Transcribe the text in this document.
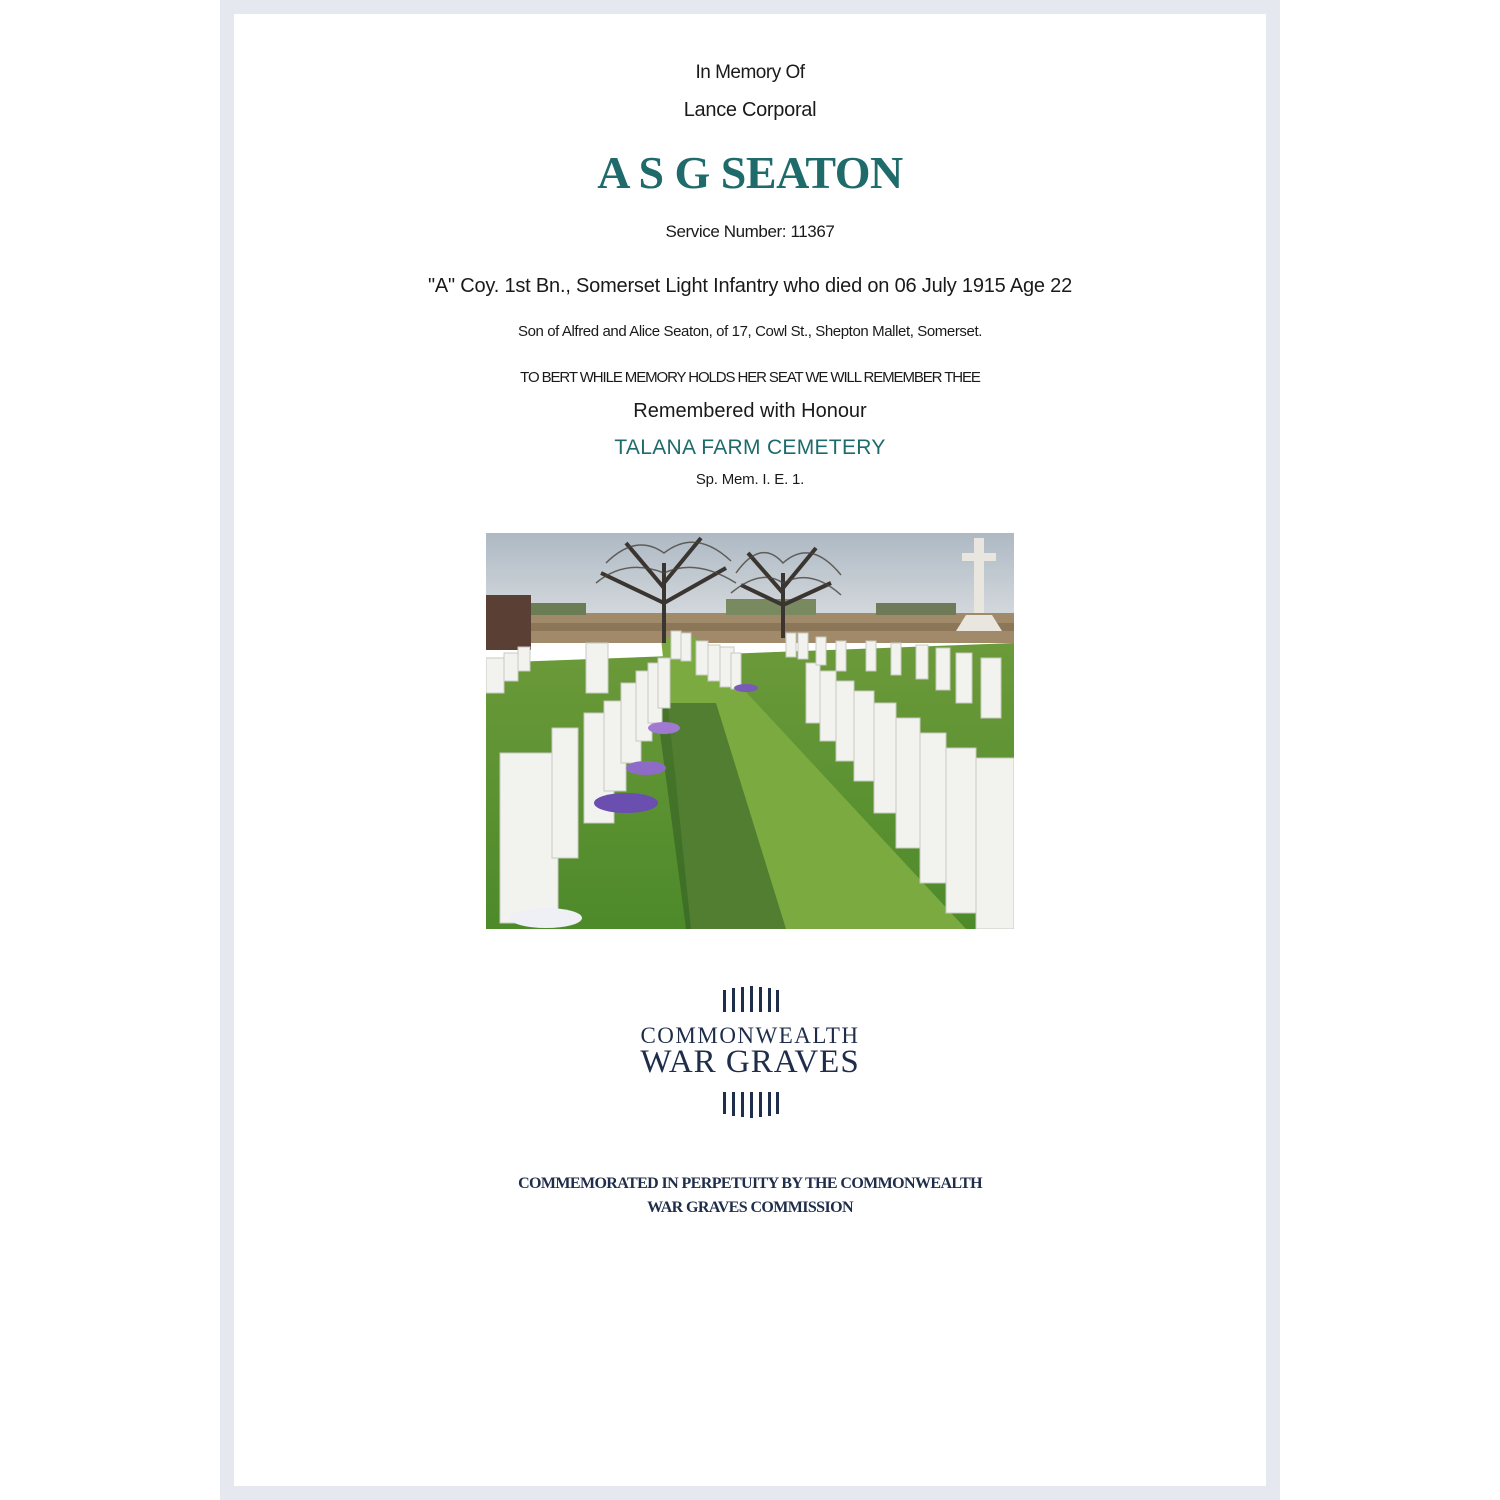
In Memory Of
Lance Corporal
A S G SEATON
Service Number: 11367
"A" Coy. 1st Bn., Somerset Light Infantry who died on 06 July 1915 Age 22
Son of Alfred and Alice Seaton, of 17, Cowl St., Shepton Mallet, Somerset.
TO BERT WHILE MEMORY HOLDS HER SEAT WE WILL REMEMBER THEE
Remembered with Honour
TALANA FARM CEMETERY
Sp. Mem. I. E. 1.
COMMONWEALTH
WAR GRAVES
COMMEMORATED IN PERPETUITY BY THE COMMONWEALTH
WAR GRAVES COMMISSION
